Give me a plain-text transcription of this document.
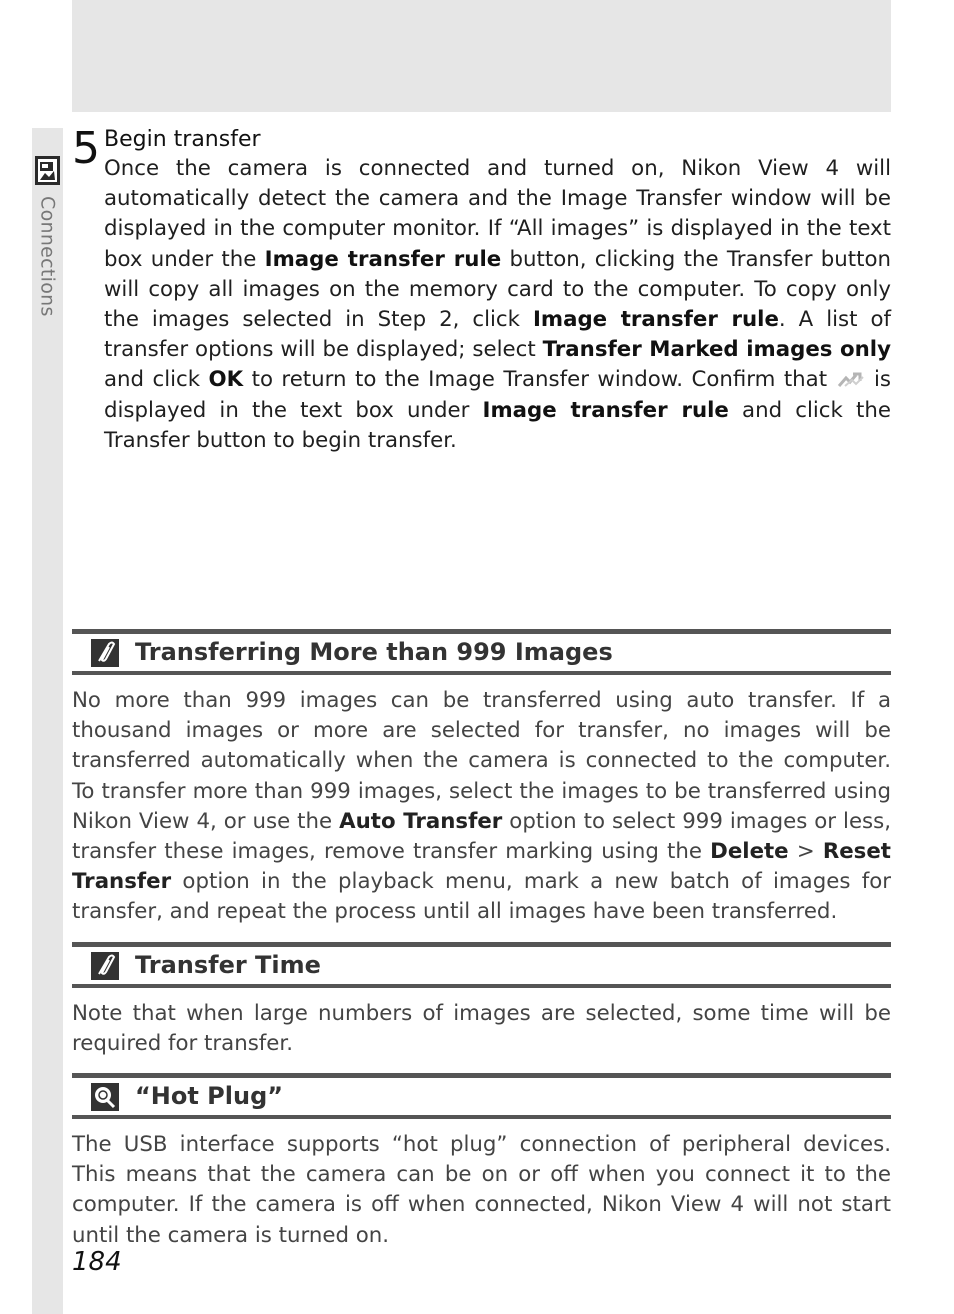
Connections
5 Begin transfer

Once the camera is connected and turned on, Nikon View 4 will automatically detect the camera and the Image Transfer window will be displayed in the computer monitor. If “All images” is displayed in the text box under the Image transfer rule button, clicking the Transfer button will copy all images on the memory card to the computer. To copy only the images selected in Step 2, click Image transfer rule. A list of transfer options will be displayed; select Transfer Marked images only and click OK to return to the Image Transfer window. Confirm that  is displayed in the text box under Image transfer rule and click the Transfer button to begin transfer.

Transferring More than 999 Images
No more than 999 images can be transferred using auto transfer. If a thousand images or more are selected for transfer, no images will be transferred automatically when the camera is connected to the computer. To transfer more than 999 images, select the images to be transferred using Nikon View 4, or use the Auto Transfer option to select 999 images or less, transfer these images, remove transfer marking using the Delete > Reset Transfer option in the playback menu, mark a new batch of images for transfer, and repeat the process until all images have been transferred.
Transfer Time
Note that when large numbers of images are selected, some time will be required for transfer.
“Hot Plug”
The USB interface supports “hot plug” connection of peripheral devices. This means that the camera can be on or off when you connect it to the computer. If the camera is off when connected, Nikon View 4 will not start until the camera is turned on.
184
